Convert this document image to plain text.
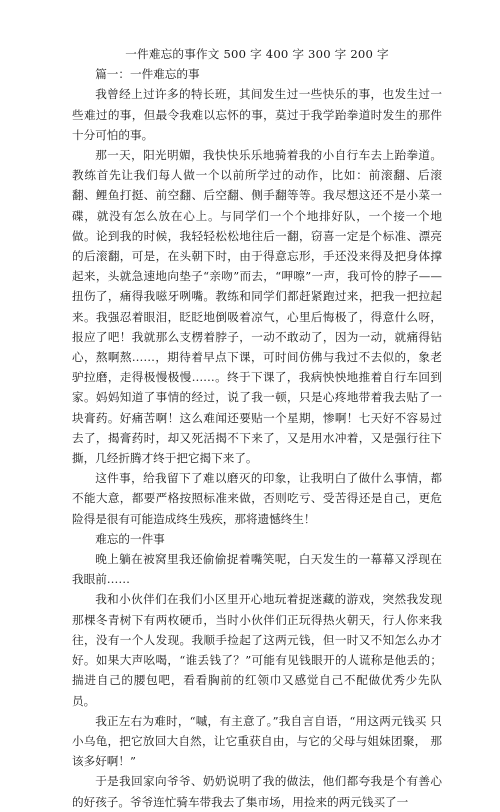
一件难忘的事作文 500 字 400 字 300 字 200 字

篇一：一件难忘的事

我曾经上过许多的特长班，其间发生过一些快乐的事，也发生过一些难过的事，但最令我难以忘怀的事，莫过于我学跆拳道时发生的那件十分可怕的事。

那一天，阳光明媚，我快快乐乐地骑着我的小自行车去上跆拳道。教练首先让我们每人做一个以前所学过的动作，比如：前滚翻、后滚翻、鲤鱼打挺、前空翻、后空翻、侧手翻等等。我尽想这还不是小菜一碟，就没有怎么放在心上。与同学们一个个地排好队，一个接一个地做。论到我的时候，我轻轻松松地往后一翻，窃喜一定是个标准、漂亮的后滚翻，可是，在头朝下时，由于得意忘形，手还没来得及把身体撑起来，头就急速地向垫子“亲吻”而去，“呷嚓”一声，我可怜的脖子——扭伤了，痛得我嗞牙咧嘴。教练和同学们都赶紧跑过来，把我一把拉起来。我强忍着眼泪，眨眨地倒吸着凉气，心里后悔极了，得意什么呀，报应了吧！我就那么支楞着脖子，一动不敢动了，因为一动，就痛得钻心，熬啊熬……，期待着早点下课，可时间仿佛与我过不去似的，象老驴拉磨，走得极慢极慢……。终于下课了，我病怏怏地推着自行车回到家。妈妈知道了事情的经过，说了我一顿，只是心疼地带着我去贴了一块膏药。好痛苦啊！这么难闻还要贴一个星期，惨啊！七天好不容易过去了，揭膏药时，却又死活揭不下来了，又是用水冲着，又是强行往下撕，几经折腾才终于把它揭下来了。

这件事，给我留下了难以磨灭的印象，让我明白了做什么事情，都不能大意，都要严格按照标准来做，否则吃亏、受苦得还是自己，更危险得是很有可能造成终生残疾，那将遗憾终生！

难忘的一件事

晚上躺在被窝里我还偷偷捉着嘴笑呢，白天发生的一幕幕又浮现在我眼前……

我和小伙伴们在我们小区里开心地玩着捉迷藏的游戏，突然我发现那棵冬青树下有两枚硬币，当时小伙伴们正玩得热火朝天，行人你来我往，没有一个人发现。我顺手捡起了这两元钱，但一时又不知怎么办才好。如果大声吆喝，“谁丢钱了？”可能有见钱眼开的人谎称是他丢的；揣进自己的腰包吧，看看胸前的红领巾又感觉自己不配做优秀少先队员。

我正左右为难时，“嘁，有主意了。”我自言自语，“用这两元钱买 只小乌龟，把它放回大自然，让它重获自由，与它的父母与姐妹团聚， 那该多好啊！”

于是我回家向爷爷、奶奶说明了我的做法，他们都夸我是个有善心的好孩子。爷爷连忙骑车带我去了集市场，用捡来的两元钱买了一
